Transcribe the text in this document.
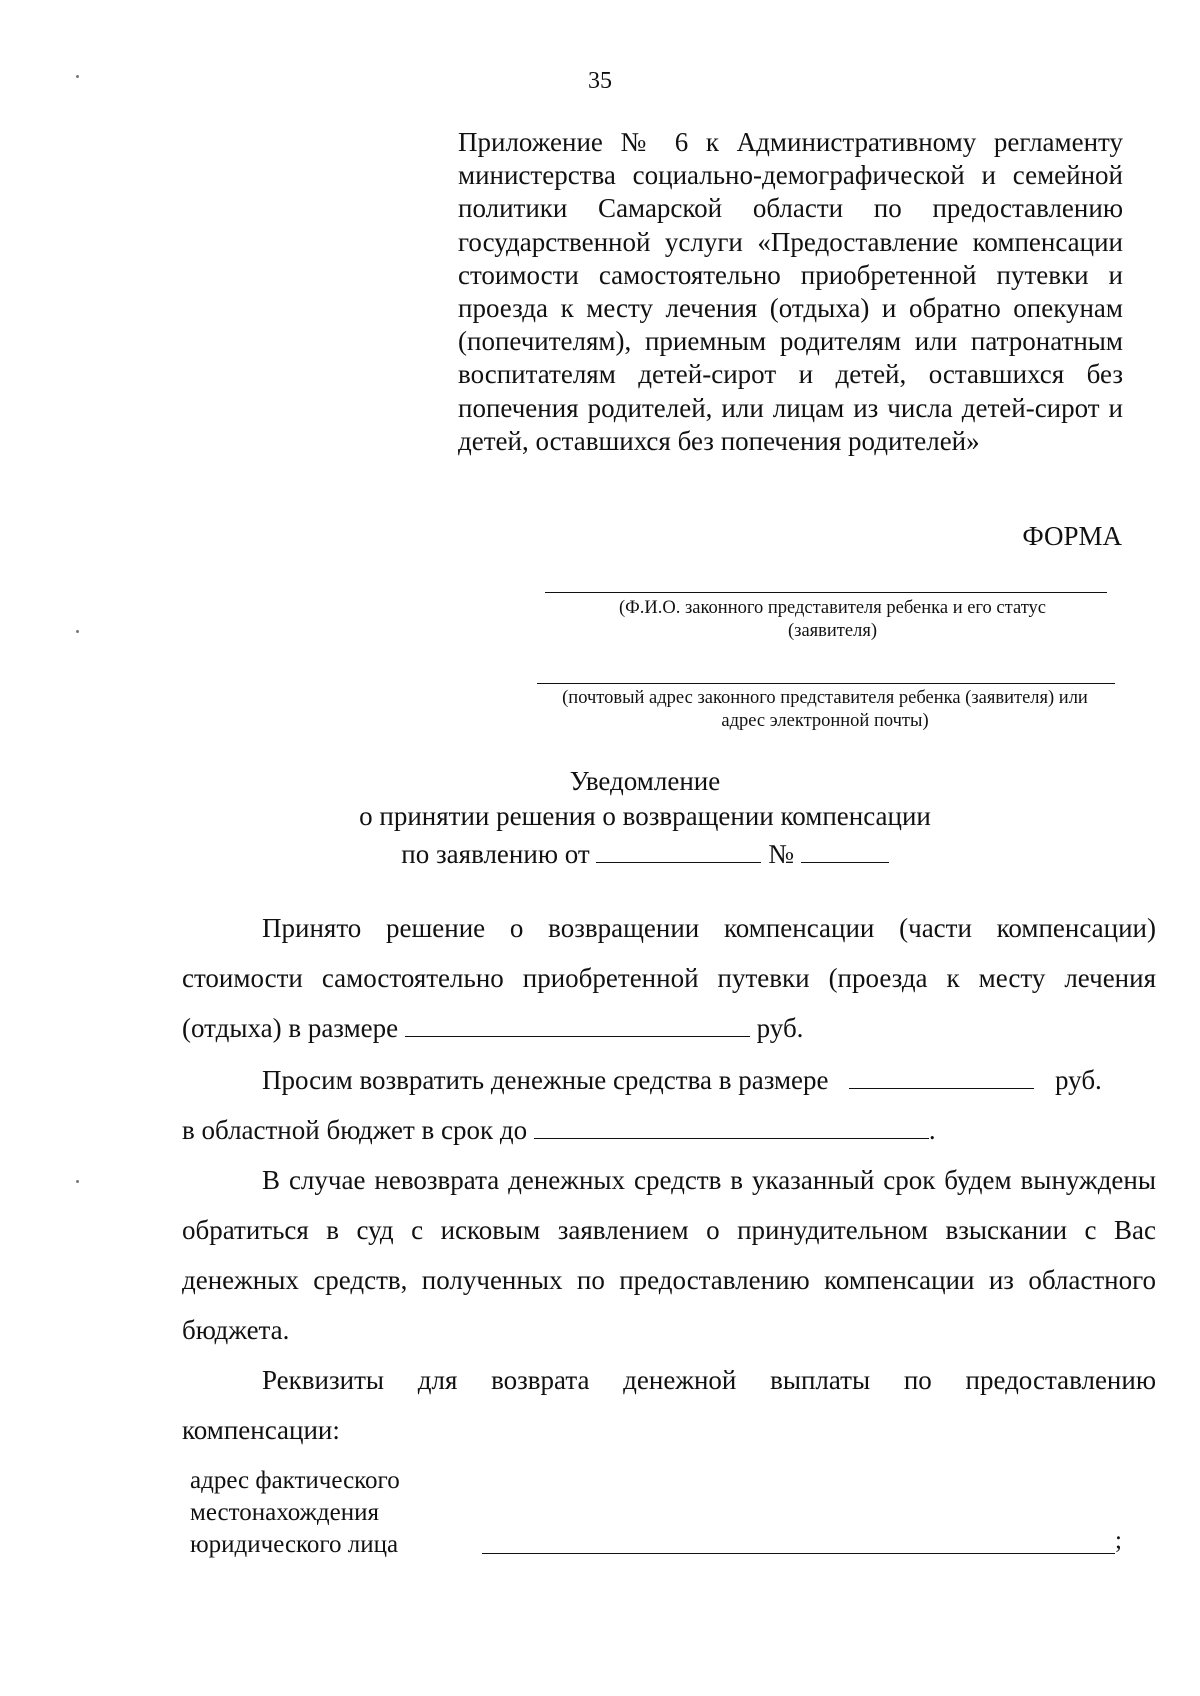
35
Приложение № 6 к Административному регламенту министерства социально-демографической и семейной политики Самарской области по предоставлению государственной услуги «Предоставление компенсации стоимости самостоятельно приобретенной путевки и проезда к месту лечения (отдыха) и обратно опекунам (попечителям), приемным родителям или патронатным воспитателям детей-сирот и детей, оставшихся без попечения родителей, или лицам из числа детей-сирот и детей, оставшихся без попечения родителей»
ФОРМА
(Ф.И.О. законного представителя ребенка и его статус (заявителя)
(почтовый адрес законного представителя ребенка (заявителя) или адрес электронной почты)
Уведомление
о принятии решения о возвращении компенсации
по заявлению от	№

Принято решение о возвращении компенсации (части компенсации) стоимости самостоятельно приобретенной путевки (проезда к месту лечения (отдыха) в размере	руб.

Просим возвратить денежные средства в размере	руб.
в областной бюджет в срок до	.

В случае невозврата денежных средств в указанный срок будем вынуждены обратиться в суд с исковым заявлением о принудительном взыскании с Вас денежных средств, полученных по предоставлению компенсации из областного бюджета.

Реквизиты для возврата денежной выплаты по предоставлению компенсации:

адрес фактического
местонахождения
юридического лица	;
